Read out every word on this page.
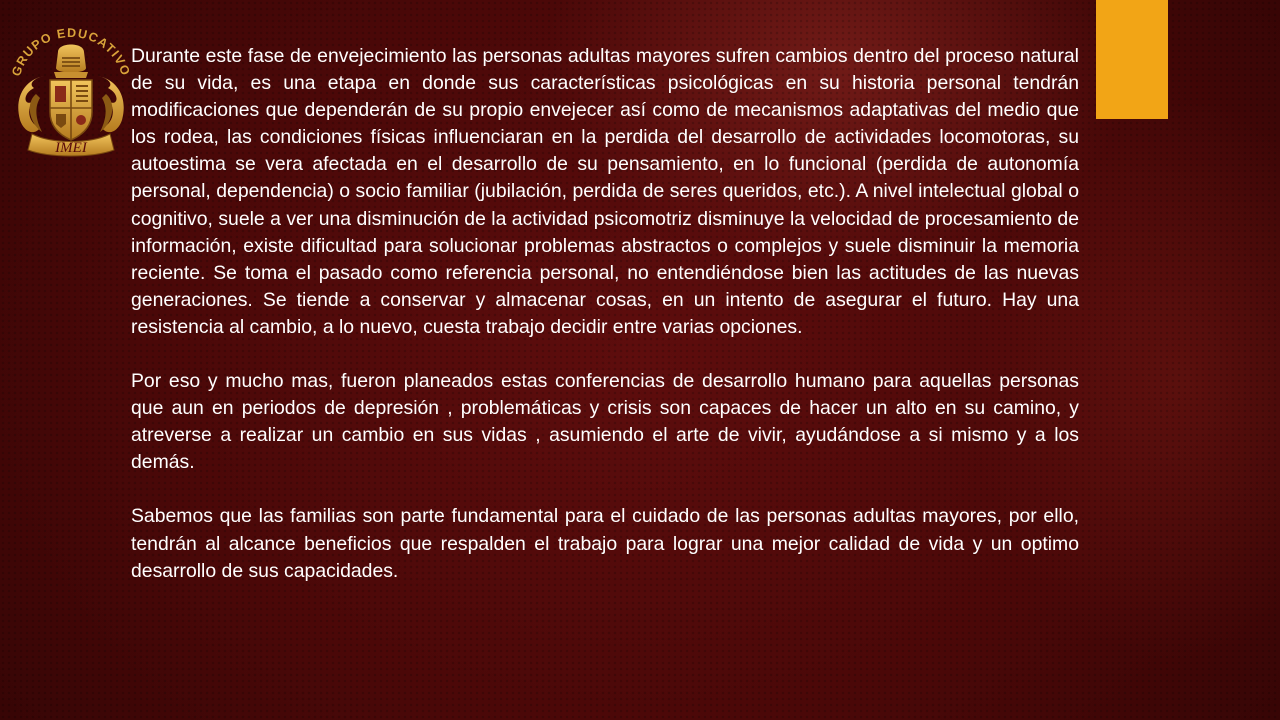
GRUPO EDUCATIVO
IMEI

Durante este fase de envejecimiento las personas adultas mayores sufren cambios dentro del proceso natural de su vida, es una etapa en donde sus características psicológicas en su historia personal tendrán modificaciones que dependerán de su propio envejecer así como de mecanismos adaptativas del medio que los rodea, las condiciones físicas influenciaran en la perdida del desarrollo de actividades locomotoras, su autoestima se vera afectada en el desarrollo de su pensamiento, en lo funcional (perdida de autonomía personal, dependencia) o socio familiar (jubilación, perdida de seres queridos, etc.). A nivel intelectual global o cognitivo, suele a ver una disminución de la actividad psicomotriz disminuye la velocidad de procesamiento de información, existe dificultad para solucionar problemas abstractos o complejos y suele disminuir la memoria reciente. Se toma el pasado como referencia personal, no entendiéndose bien las actitudes de las nuevas generaciones. Se tiende a conservar y almacenar cosas, en un intento de asegurar el futuro. Hay una resistencia al cambio, a lo nuevo, cuesta trabajo decidir entre varias opciones.

Por eso y mucho mas, fueron planeados estas conferencias de desarrollo humano para aquellas personas que aun en periodos de depresión , problemáticas y crisis son capaces de hacer un alto en su camino, y atreverse a realizar un cambio en sus vidas , asumiendo el arte de vivir, ayudándose a si mismo y a los demás.

Sabemos que las familias son parte fundamental para el cuidado de las personas adultas mayores, por ello, tendrán al alcance beneficios que respalden el trabajo para lograr una mejor calidad de vida y un optimo desarrollo de sus capacidades.
